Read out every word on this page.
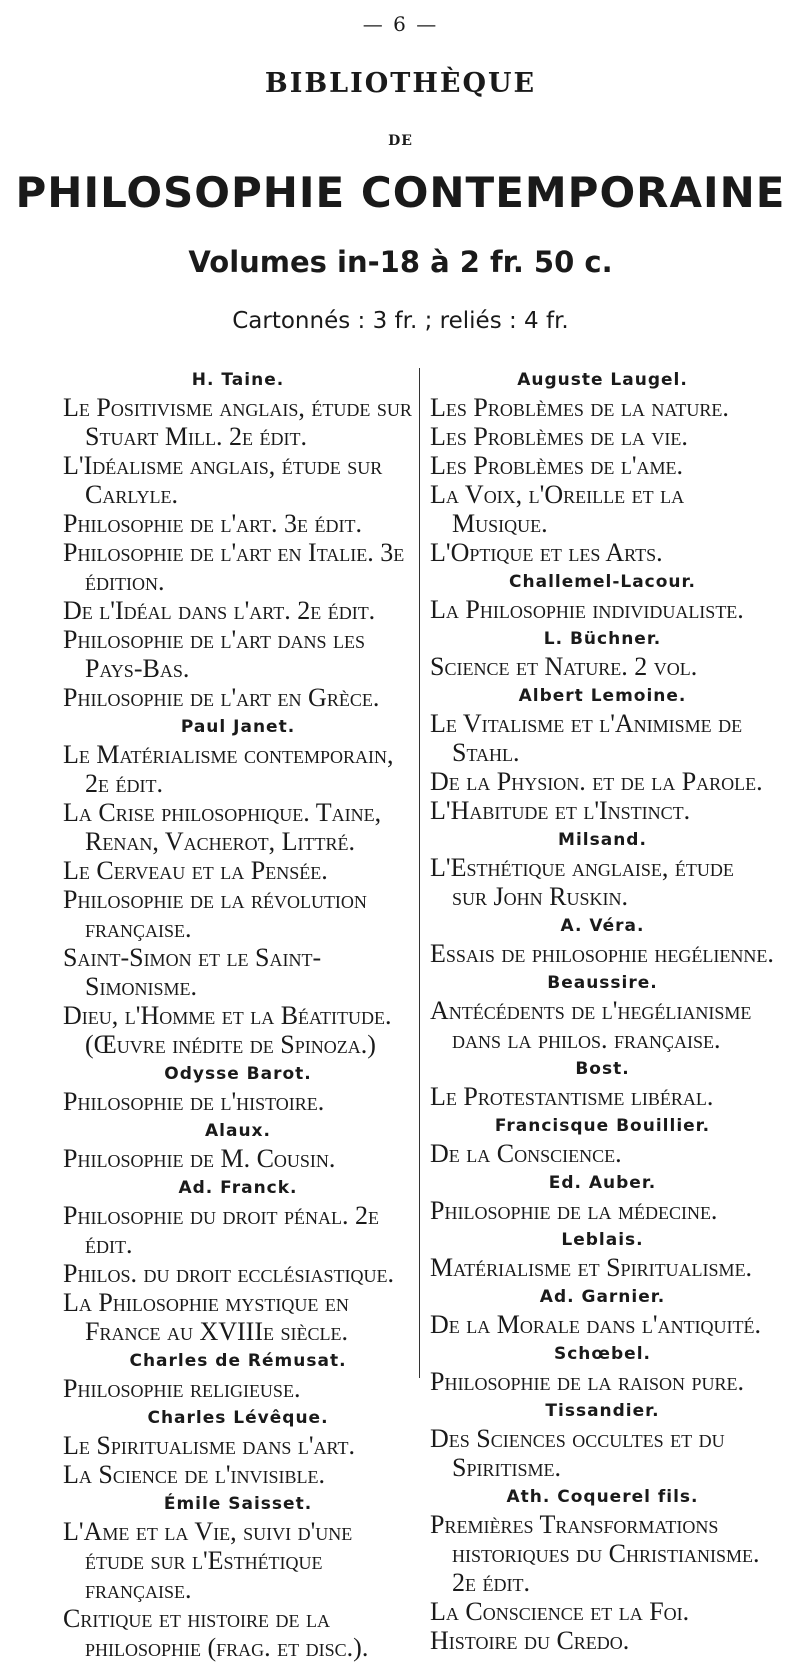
— 6 —
BIBLIOTHÈQUE
DE
PHILOSOPHIE CONTEMPORAINE
Volumes in-18 à 2 fr. 50 c.
Cartonnés : 3 fr. ; reliés : 4 fr.
H. Taine.
Le Positivisme anglais, étude sur Stuart Mill. 2e édit.
L'Idéalisme anglais, étude sur Carlyle.
Philosophie de l'art. 3e édit.
Philosophie de l'art en Italie. 3e édition.
De l'Idéal dans l'art. 2e édit.
Philosophie de l'art dans les Pays-Bas.
Philosophie de l'art en Grèce.
Paul Janet.
Le Matérialisme contemporain, 2e édit.
La Crise philosophique. Taine, Renan, Vacherot, Littré.
Le Cerveau et la Pensée.
Philosophie de la révolution française.
Saint-Simon et le Saint-Simonisme.
Dieu, l'Homme et la Béatitude. (Œuvre inédite de Spinoza.)
Odysse Barot.
Philosophie de l'histoire.
Alaux.
Philosophie de M. Cousin.
Ad. Franck.
Philosophie du droit pénal. 2e édit.
Philos. du droit ecclésiastique.
La Philosophie mystique en France au XVIIIe siècle.
Charles de Rémusat.
Philosophie religieuse.
Charles Lévêque.
Le Spiritualisme dans l'art.
La Science de l'invisible.
Émile Saisset.
L'Ame et la Vie, suivi d'une étude sur l'Esthétique française.
Critique et histoire de la philosophie (frag. et disc.).
Auguste Laugel.
Les Problèmes de la nature.
Les Problèmes de la vie.
Les Problèmes de l'ame.
La Voix, l'Oreille et la Musique.
L'Optique et les Arts.
Challemel-Lacour.
La Philosophie individualiste.
L. Büchner.
Science et Nature. 2 vol.
Albert Lemoine.
Le Vitalisme et l'Animisme de Stahl.
De la Physion. et de la Parole.
L'Habitude et l'Instinct.
Milsand.
L'Esthétique anglaise, étude sur John Ruskin.
A. Véra.
Essais de philosophie hegélienne.
Beaussire.
Antécédents de l'hegélianisme dans la philos. française.
Bost.
Le Protestantisme libéral.
Francisque Bouillier.
De la Conscience.
Ed. Auber.
Philosophie de la médecine.
Leblais.
Matérialisme et Spiritualisme.
Ad. Garnier.
De la Morale dans l'antiquité.
Schœbel.
Philosophie de la raison pure.
Tissandier.
Des Sciences occultes et du Spiritisme.
Ath. Coquerel fils.
Premières Transformations historiques du Christianisme. 2e édit.
La Conscience et la Foi.
Histoire du Credo.
